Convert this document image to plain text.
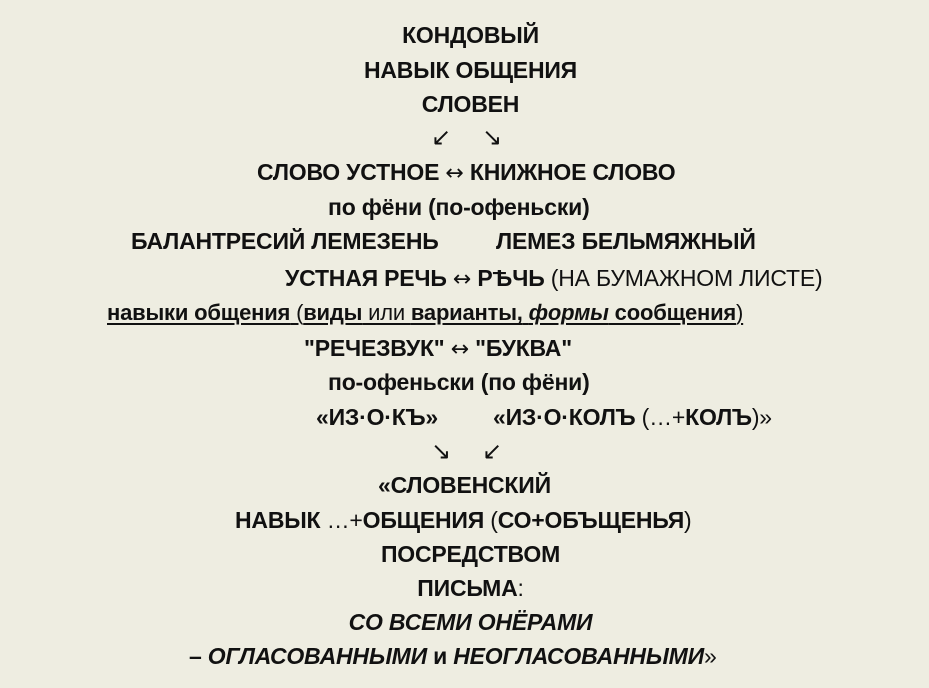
КОНДОВЫЙ
НАВЫК ОБЩЕНИЯ
СЛОВЕН
↙ ↘
СЛОВО УСТНОЕ ↔ КНИЖНОЕ СЛОВО
по фёни (по-офеньски)
БАЛАНТРЕСИЙ ЛЕМЕЗЕНЬ ЛЕМЕЗ БЕЛЬМЯЖНЫЙ
УСТНАЯ РЕЧЬ ↔ РѢЧЬ (НА БУМАЖНОМ ЛИСТЕ)
навыки общения (виды или варианты, формы сообщения)
"РЕЧЕЗВУК" ↔ "БУКВА"
по-офеньски (по фёни)
«ИЗ·О·КЪ» «ИЗ·О·КОЛЪ (…+КОЛЪ)»
↘ ↙
«СЛОВЕНСКИЙ
НАВЫК …+ОБЩЕНИЯ (СО+ОБЪЩЕНЬЯ)
ПОСРЕДСТВОМ
ПИСЬМА:
СО ВСЕМИ ОНЁРАМИ
– ОГЛАСОВАННЫМИ и НЕОГЛАСОВАННЫМИ»
